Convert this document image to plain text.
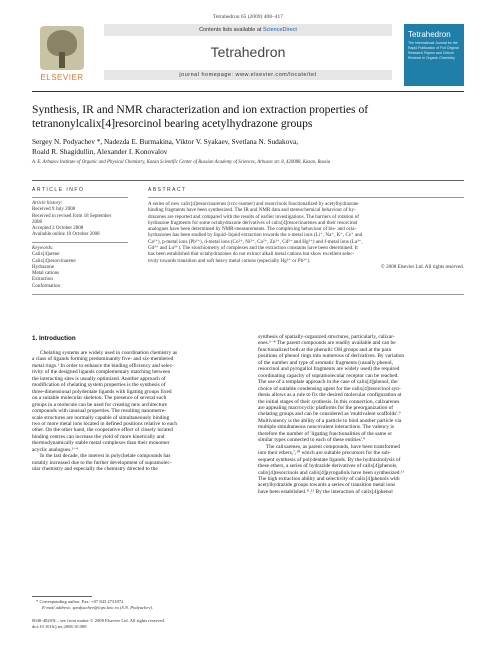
Tetrahedron 65 (2009) 408–417
ELSEVIER
Contents lists available at ScienceDirect
Tetrahedron
journal homepage: www.elsevier.com/locate/tet
Tetrahedron
The International Journal for the Rapid Publication of Full Original Research Papers and Critical Reviews in Organic Chemistry
Synthesis, IR and NMR characterization and ion extraction properties of tetranonylcalix[4]resorcinol bearing acetylhydrazone groups
Sergey N. Podyachev *, Nadezda E. Burmakina, Viktor V. Syakaev, Svetlana N. Sudakova,
Roald R. Shagidullin, Alexander I. Konovalov
A. E. Arbuzov Institute of Organic and Physical Chemistry, Kazan Scientific Center of Russian Academy of Sciences, Arbuzov str. 8, 420088, Kazan, Russia
ARTICLE INFO
Article history:
Received 9 July 2008
Received in revised form 18 September
2008
Accepted 2 October 2008
Available online 10 October 2008
Keywords:
Calix[4]arene
Calix[4]resorcinarene
Hydrazone
Metal cations
Extraction
Conformation
ABSTRACT
A series of new calix[4]resorcinarenes (rccc-isomer) and resorcinols functionalized by acetylhydrazone
binding fragments have been synthesized. The IR and NMR data and stereochemical behaviour of hy-
drazones are reported and compared with the results of earlier investigations. The barriers of rotation of
hydrazone fragments for some octahydrazone derivatives of calix[4]resorcinarenes and their resorcinol
analogues have been determined by NMR-measurements. The complexing behaviour of bis- and octa-
hydrazones has been studied by liquid–liquid extraction towards the s-metal ions (Li⁺, Na⁺, K⁺, Cs⁺ and
Ca²⁺), p-metal ions (Pb²⁺), d-metal ions (Co²⁺, Ni²⁺, Cu²⁺, Zn²⁺, Cd²⁺ and Hg²⁺) and f-metal ions (La³⁺,
Gd³⁺ and Lu³⁺). The stoichiometry of complexes and the extraction constants have been determined. It
has been established that octahydrazones do not extract alkali metal cations but show excellent selec-
tivity towards transition and soft heavy metal cations (especially Hg²⁺ or Pb²⁺).
© 2008 Elsevier Ltd. All rights reserved.
1. Introduction
Chelating systems are widely used in coordination chemistry as
a class of ligands forming predominantly five- and six-membered
metal rings.¹ In order to enhance the binding efficiency and selec-
tivity of the designed ligands complementary matching between
the interacting sites is usually optimized. Another approach of
modification of chelating system properties is the synthesis of
three-dimensional polydentate ligands with ligating groups fixed
on a suitable molecular skeleton. The presence of several such
groups in a molecule can be used for creating new architecture
compounds with unusual properties. The resulting nanometre-
scale structures are normally capable of simultaneously binding
two or more metal ions located in defined positions relative to each
other. On the other hand, the cooperative effect of closely located
binding centres can increase the yield of more kinetically and
thermodynamically stable metal complexes than their monomer
acyclic analogues.²⁻⁴
In the last decade, the interest in polychelate compounds has
notably increased due to the further development of supramolec-
ular chemistry and especially the chemistry directed to the
synthesis of spatially-organized structures, particularly, calixar-
enes.⁵⁻⁸ The parent compounds are readily available and can be
functionalized both at the phenolic OH groups and at the para
positions of phenol rings into numerous of derivatives. By variation
of the number and type of aromatic fragments (usually phenol,
resorcinol and pyrogallol fragments are widely used) the required
coordinating capacity of supramolecular receptor can be reached.
The use of a template approach in the case of calix[4]phenol, the
choice of suitable condensing agent for the calix[4]resorcinol syn-
thesis allows as a rule to fix the desired molecular configuration at
the initial stages of their synthesis. In this connection, calixarenes
are appealing macrocyclic platforms for the preorganization of
chelating groups and can be considered as 'multivalent scaffolds'.⁹
Multivalency is the ability of a particle to bind another particle via
multiple simultaneous noncovalent interactions. The valency is
therefore the number of 'ligating functionalities of the same or
similar types connected to each of these entities'.⁹
The calixarenes, as parent compounds, have been transformed
into their ethers,⁷,¹⁰ which are suitable precursors for the sub-
sequent synthesis of polydentate ligands. By the hydrazinolysis of
these ethers, a series of hydrazide derivatives of calix[4]phenols,
calix[4]resorcinols and calix[4]pyrogallols have been synthesized.¹¹
The high extraction ability and selectivity of calix[4]phenols with
acetylhydrazide groups towards a series of transition metal ions
have been established.¹¹,¹² By the interaction of calix[4]phenol
* Corresponding author. Fax: +07 843 2731872.
E-mail address: spodyachev@iopc.knc.ru (S.N. Podyachev).
0040-4020/$ – see front matter © 2008 Elsevier Ltd. All rights reserved.
doi:10.1016/j.tet.2008.10.008
